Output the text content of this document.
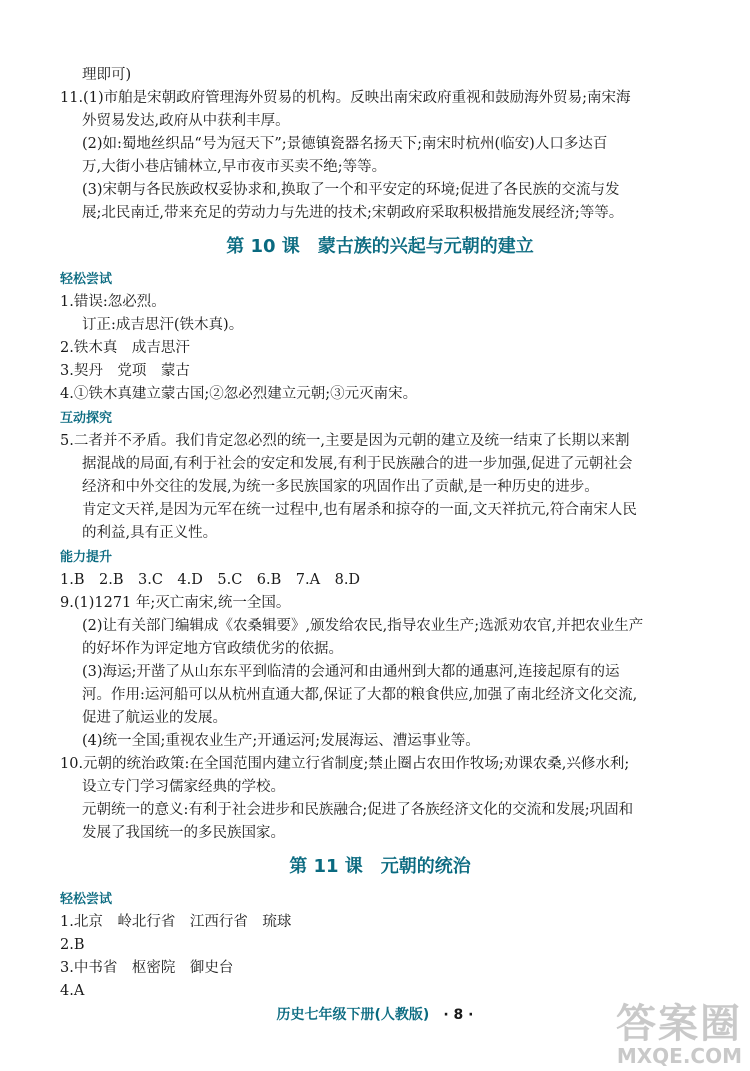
理即可)

11.(1)市舶是宋朝政府管理海外贸易的机构。反映出南宋政府重视和鼓励海外贸易;南宋海

外贸易发达,政府从中获利丰厚。

(2)如:蜀地丝织品“号为冠天下”;景德镇瓷器名扬天下;南宋时杭州(临安)人口多达百

万,大街小巷店铺林立,早市夜市买卖不绝;等等。

(3)宋朝与各民族政权妥协求和,换取了一个和平安定的环境;促进了各民族的交流与发

展;北民南迁,带来充足的劳动力与先进的技术;宋朝政府采取积极措施发展经济;等等。

第 10 课　蒙古族的兴起与元朝的建立
轻松尝试

1.错误:忽必烈。

订正:成吉思汗(铁木真)。

2.铁木真　成吉思汗

3.契丹　党项　蒙古

4.①铁木真建立蒙古国;②忽必烈建立元朝;③元灭南宋。

互动探究

5.二者并不矛盾。我们肯定忽必烈的统一,主要是因为元朝的建立及统一结束了长期以来割

据混战的局面,有利于社会的安定和发展,有利于民族融合的进一步加强,促进了元朝社会

经济和中外交往的发展,为统一多民族国家的巩固作出了贡献,是一种历史的进步。

肯定文天祥,是因为元军在统一过程中,也有屠杀和掠夺的一面,文天祥抗元,符合南宋人民

的利益,具有正义性。

能力提升

1.B　2.B　3.C　4.D　5.C　6.B　7.A　8.D

9.(1)1271 年;灭亡南宋,统一全国。

(2)让有关部门编辑成《农桑辑要》,颁发给农民,指导农业生产;选派劝农官,并把农业生产

的好坏作为评定地方官政绩优劣的依据。

(3)海运;开凿了从山东东平到临清的会通河和由通州到大都的通惠河,连接起原有的运

河。作用:运河船可以从杭州直通大都,保证了大都的粮食供应,加强了南北经济文化交流,

促进了航运业的发展。

(4)统一全国;重视农业生产;开通运河;发展海运、漕运事业等。

10.元朝的统治政策:在全国范围内建立行省制度;禁止圈占农田作牧场;劝课农桑,兴修水利;

设立专门学习儒家经典的学校。

元朝统一的意义:有利于社会进步和民族融合;促进了各族经济文化的交流和发展;巩固和

发展了我国统一的多民族国家。

第 11 课　元朝的统治
轻松尝试

1.北京　岭北行省　江西行省　琉球

2.B

3.中书省　枢密院　御史台

4.A

历史七年级下册(人教版) · 8 ·	答案圈
MXQE.COM
